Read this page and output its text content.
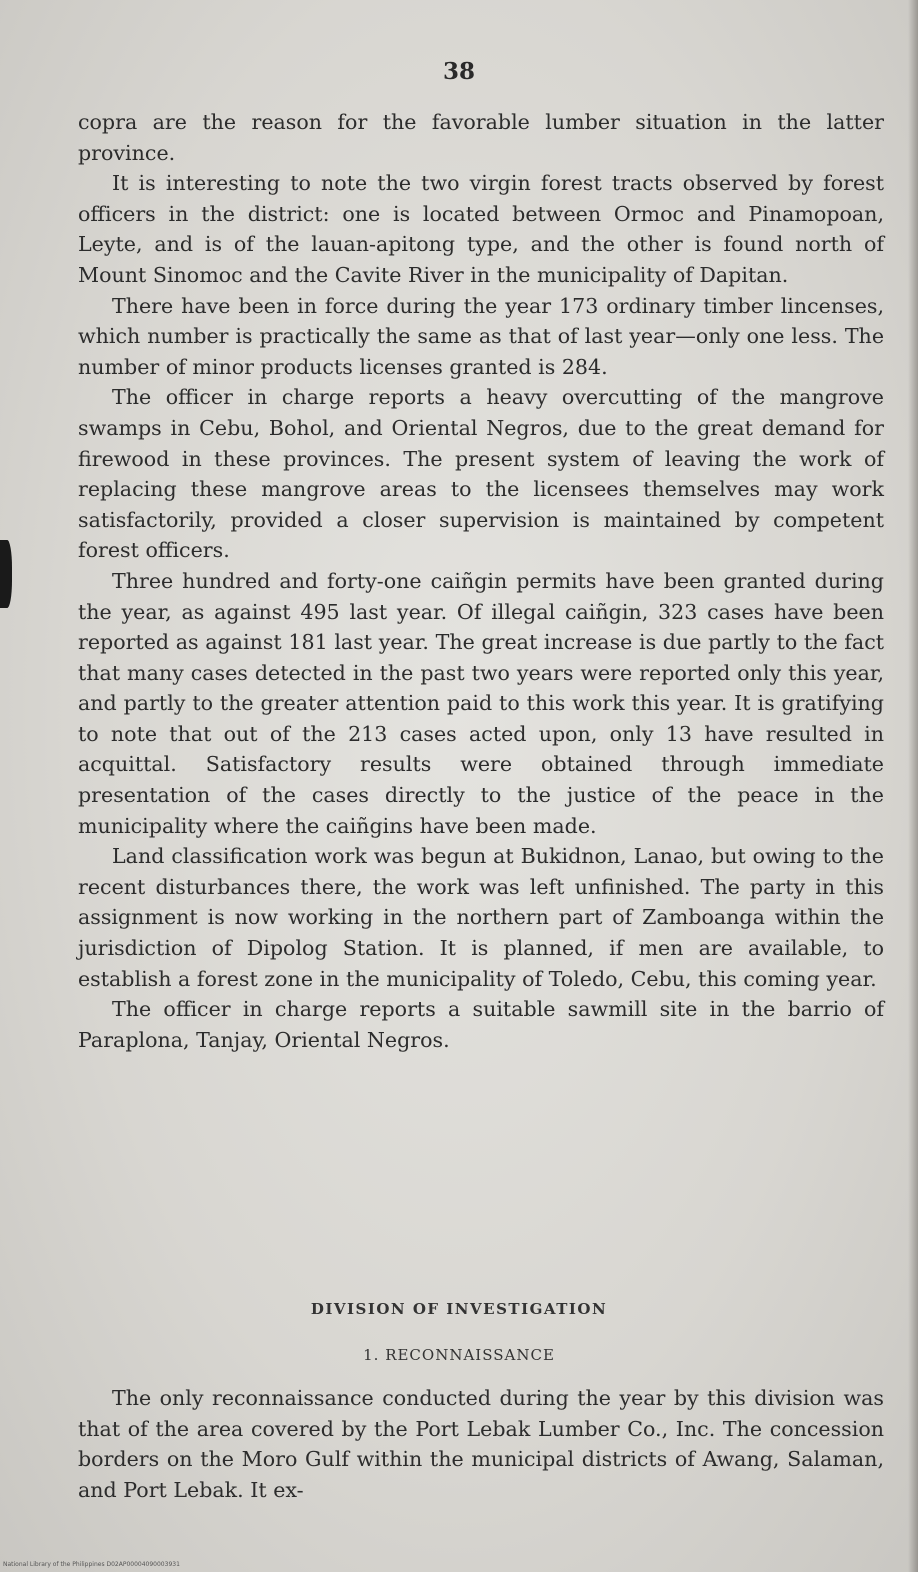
38

copra are the reason for the favorable lumber situation in the latter province.

It is interesting to note the two virgin forest tracts observed by forest officers in the district: one is located between Ormoc and Pinamopoan, Leyte, and is of the lauan-apitong type, and the other is found north of Mount Sinomoc and the Cavite River in the municipality of Dapitan.

There have been in force during the year 173 ordinary timber lincenses, which number is practically the same as that of last year—only one less. The number of minor products licenses granted is 284.

The officer in charge reports a heavy overcutting of the mangrove swamps in Cebu, Bohol, and Oriental Negros, due to the great demand for firewood in these provinces. The present system of leaving the work of replacing these mangrove areas to the licensees themselves may work satisfactorily, provided a closer supervision is maintained by competent forest officers.

Three hundred and forty-one caiñgin permits have been granted during the year, as against 495 last year. Of illegal caiñgin, 323 cases have been reported as against 181 last year. The great increase is due partly to the fact that many cases detected in the past two years were reported only this year, and partly to the greater attention paid to this work this year. It is gratifying to note that out of the 213 cases acted upon, only 13 have resulted in acquittal. Satisfactory results were obtained through immediate presentation of the cases directly to the justice of the peace in the municipality where the caiñgins have been made.

Land classification work was begun at Bukidnon, Lanao, but owing to the recent disturbances there, the work was left unfinished. The party in this assignment is now working in the northern part of Zamboanga within the jurisdiction of Dipolog Station. It is planned, if men are available, to establish a forest zone in the municipality of Toledo, Cebu, this coming year.

The officer in charge reports a suitable sawmill site in the barrio of Paraplona, Tanjay, Oriental Negros.

DIVISION OF INVESTIGATION
1. RECONNAISSANCE

The only reconnaissance conducted during the year by this division was that of the area covered by the Port Lebak Lumber Co., Inc. The concession borders on the Moro Gulf within the municipal districts of Awang, Salaman, and Port Lebak. It ex-

National Library of the Philippines D02AP00004090003931
